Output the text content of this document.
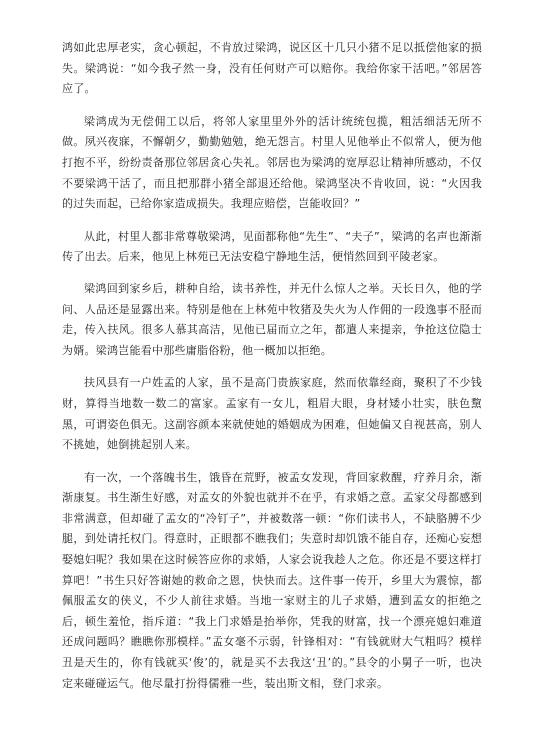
鸿如此忠厚老实，贪心顿起，不肯放过梁鸿，说区区十几只小猪不足以抵偿他家的损失。梁鸿说：“如今我孑然一身，没有任何财产可以赔你。我给你家干活吧。”邻居答应了。

梁鸿成为无偿佣工以后，将邻人家里里外外的活计统统包揽，粗活细活无所不做。夙兴夜寐，不懈朝夕，勤勤勉勉，绝无怨言。村里人见他举止不似常人，便为他打抱不平，纷纷责备那位邻居贪心失礼。邻居也为梁鸿的宽厚忍让精神所感动，不仅不要梁鸿干活了，而且把那群小猪全部退还给他。梁鸿坚决不肯收回，说：“火因我的过失而起，已给你家造成损失。我理应赔偿，岂能收回？”

从此，村里人都非常尊敬梁鸿，见面都称他“先生”、“夫子”，梁鸿的名声也渐渐传了出去。后来，他见上林苑已无法安稳宁静地生活，便悄然回到平陵老家。

梁鸿回到家乡后，耕种自给，读书养性，并无什么惊人之举。天长日久，他的学问、人品还是显露出来。特别是他在上林苑中牧猪及失火为人作佣的一段逸事不胫而走，传入扶风。很多人慕其高洁，见他已届而立之年，都遣人来提亲，争抢这位隐士为婿。梁鸿岂能看中那些庸脂俗粉，他一概加以拒绝。

扶风县有一户姓孟的人家，虽不是高门贵族家庭，然而依靠经商，聚积了不少钱财，算得当地数一数二的富家。孟家有一女儿，粗眉大眼，身材矮小壮实，肤色黧黑，可谓姿色俱无。这副容颜本来就使她的婚姻成为困难，但她偏又自视甚高，别人不挑她，她倒挑起别人来。

有一次，一个落魄书生，饿昏在荒野，被孟女发现，背回家救醒，疗养月余，渐渐康复。书生渐生好感，对孟女的外貌也就并不在乎，有求婚之意。孟家父母都感到非常满意，但却碰了孟女的“冷钉子”，并被数落一顿：“你们读书人，不缺胳膊不少腿，到处请托权门。得意时，正眼都不瞧我们；失意时却饥饿不能自存，还痴心妄想娶媳妇呢？我如果在这时候答应你的求婚，人家会说我趁人之危。你还是不要这样打算吧！”书生只好答谢她的救命之恩，快快而去。这件事一传开，乡里大为震惊，都佩服孟女的侠义，不少人前往求婚。当地一家财主的儿子求婚，遭到孟女的拒绝之后，顿生羞怆，指斥道：“我上门求婚是抬举你，凭我的财富，找一个漂亮媳妇难道还成问题吗？瞧瞧你那模样。”孟女毫不示弱，针锋相对：“有钱就财大气粗吗？模样丑是天生的，你有钱就买‘俊’的，就是买不去我这‘丑’的。”县令的小舅子一听，也决定来碰碰运气。他尽量打扮得儒雅一些，装出斯文相，登门求亲。
